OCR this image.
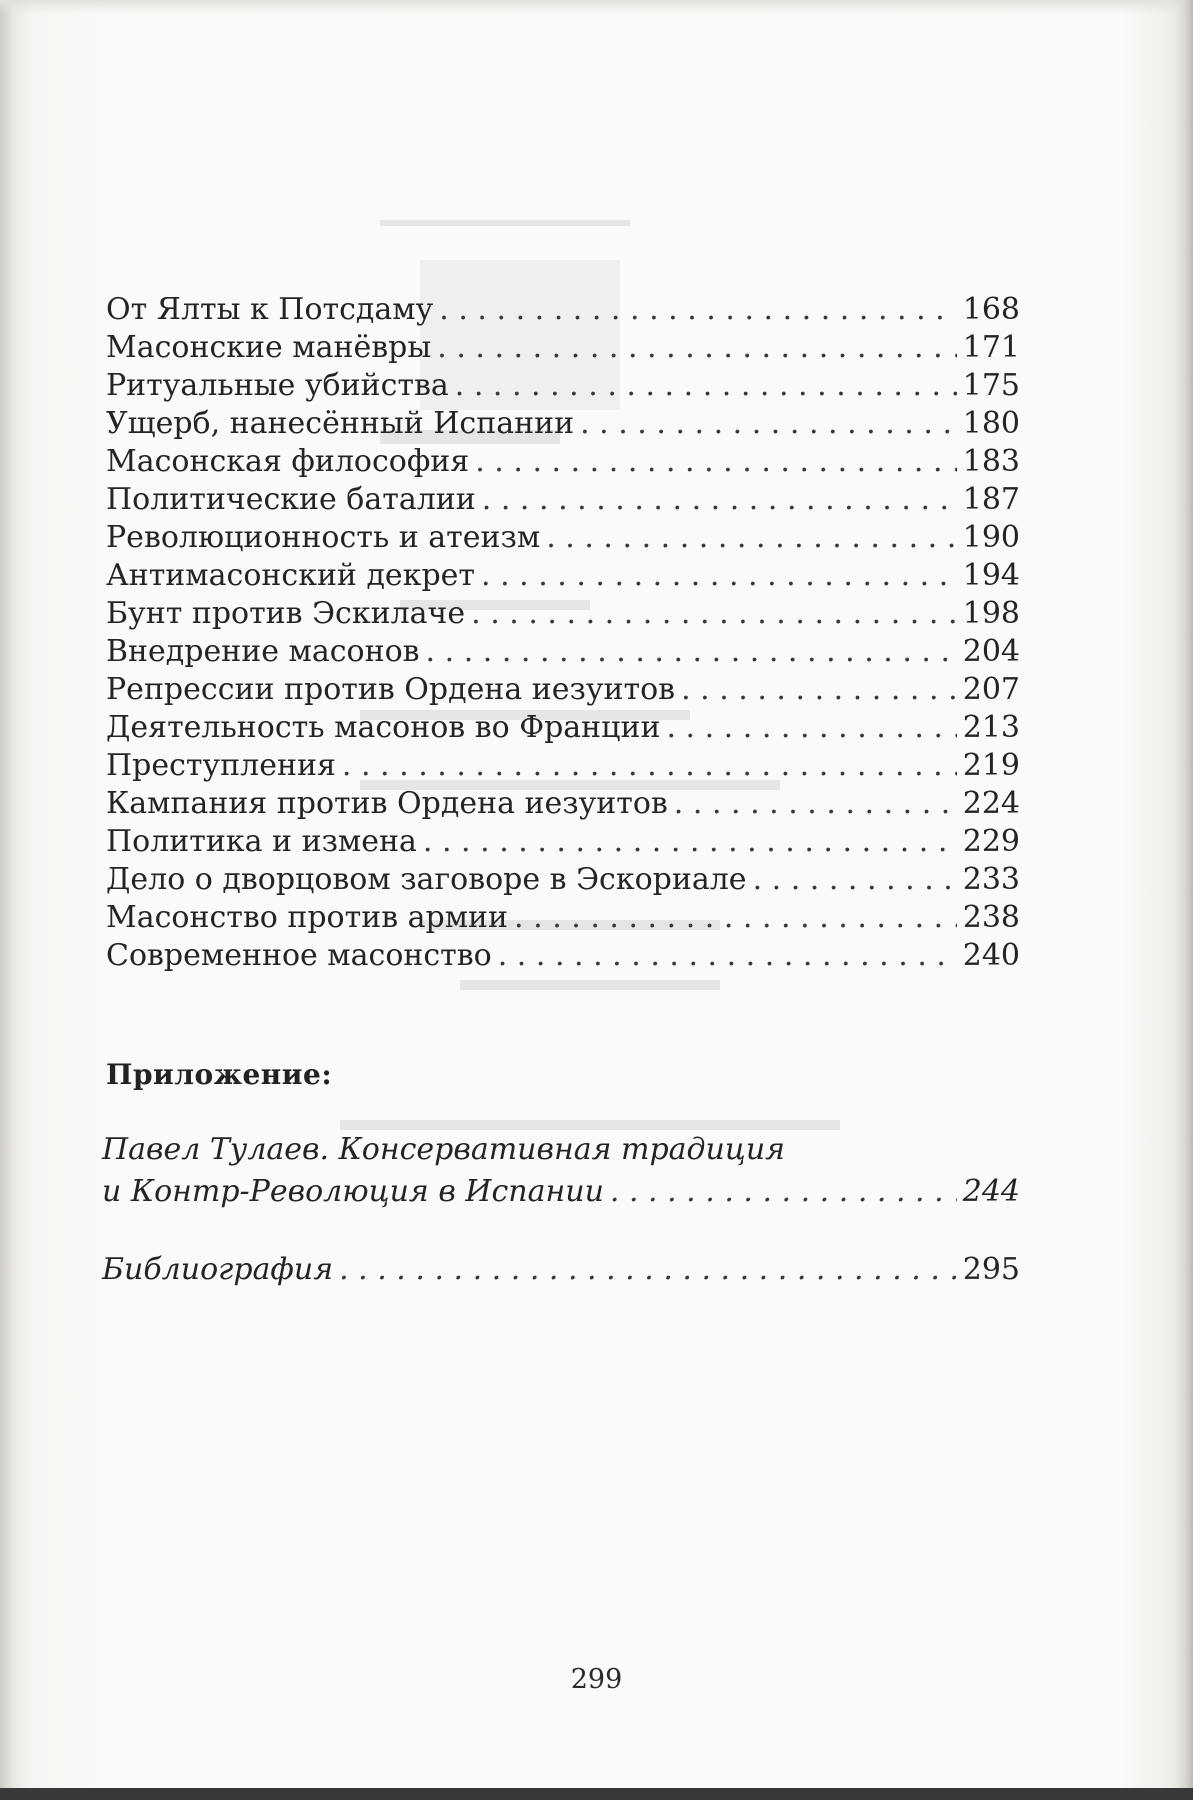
От Ялты к Потсдаму . . .	168
Масонские манёвры . . .	171
Ритуальные убийства . . .	175
Ущерб, нанесённый Испании . . .	180
Масонская философия . . .	183
Политические баталии . . .	187
Революционность и атеизм . . .	190
Антимасонский декрет . . .	194
Бунт против Эскилаче . . .	198
Внедрение масонов . . .	204
Репрессии против Ордена иезуитов . . .	207
Деятельность масонов во Франции . . .	213
Преступления . . .	219
Кампания против Ордена иезуитов . . .	224
Политика и измена . . .	229
Дело о дворцовом заговоре в Эскориале . . .	233
Масонство против армии . . .	238
Современное масонство . . .	240
Приложение:
Павел Тулаев. Консервативная традиция
и Контр-Революция в Испании . . .	244
Библиография . . .	295
299
